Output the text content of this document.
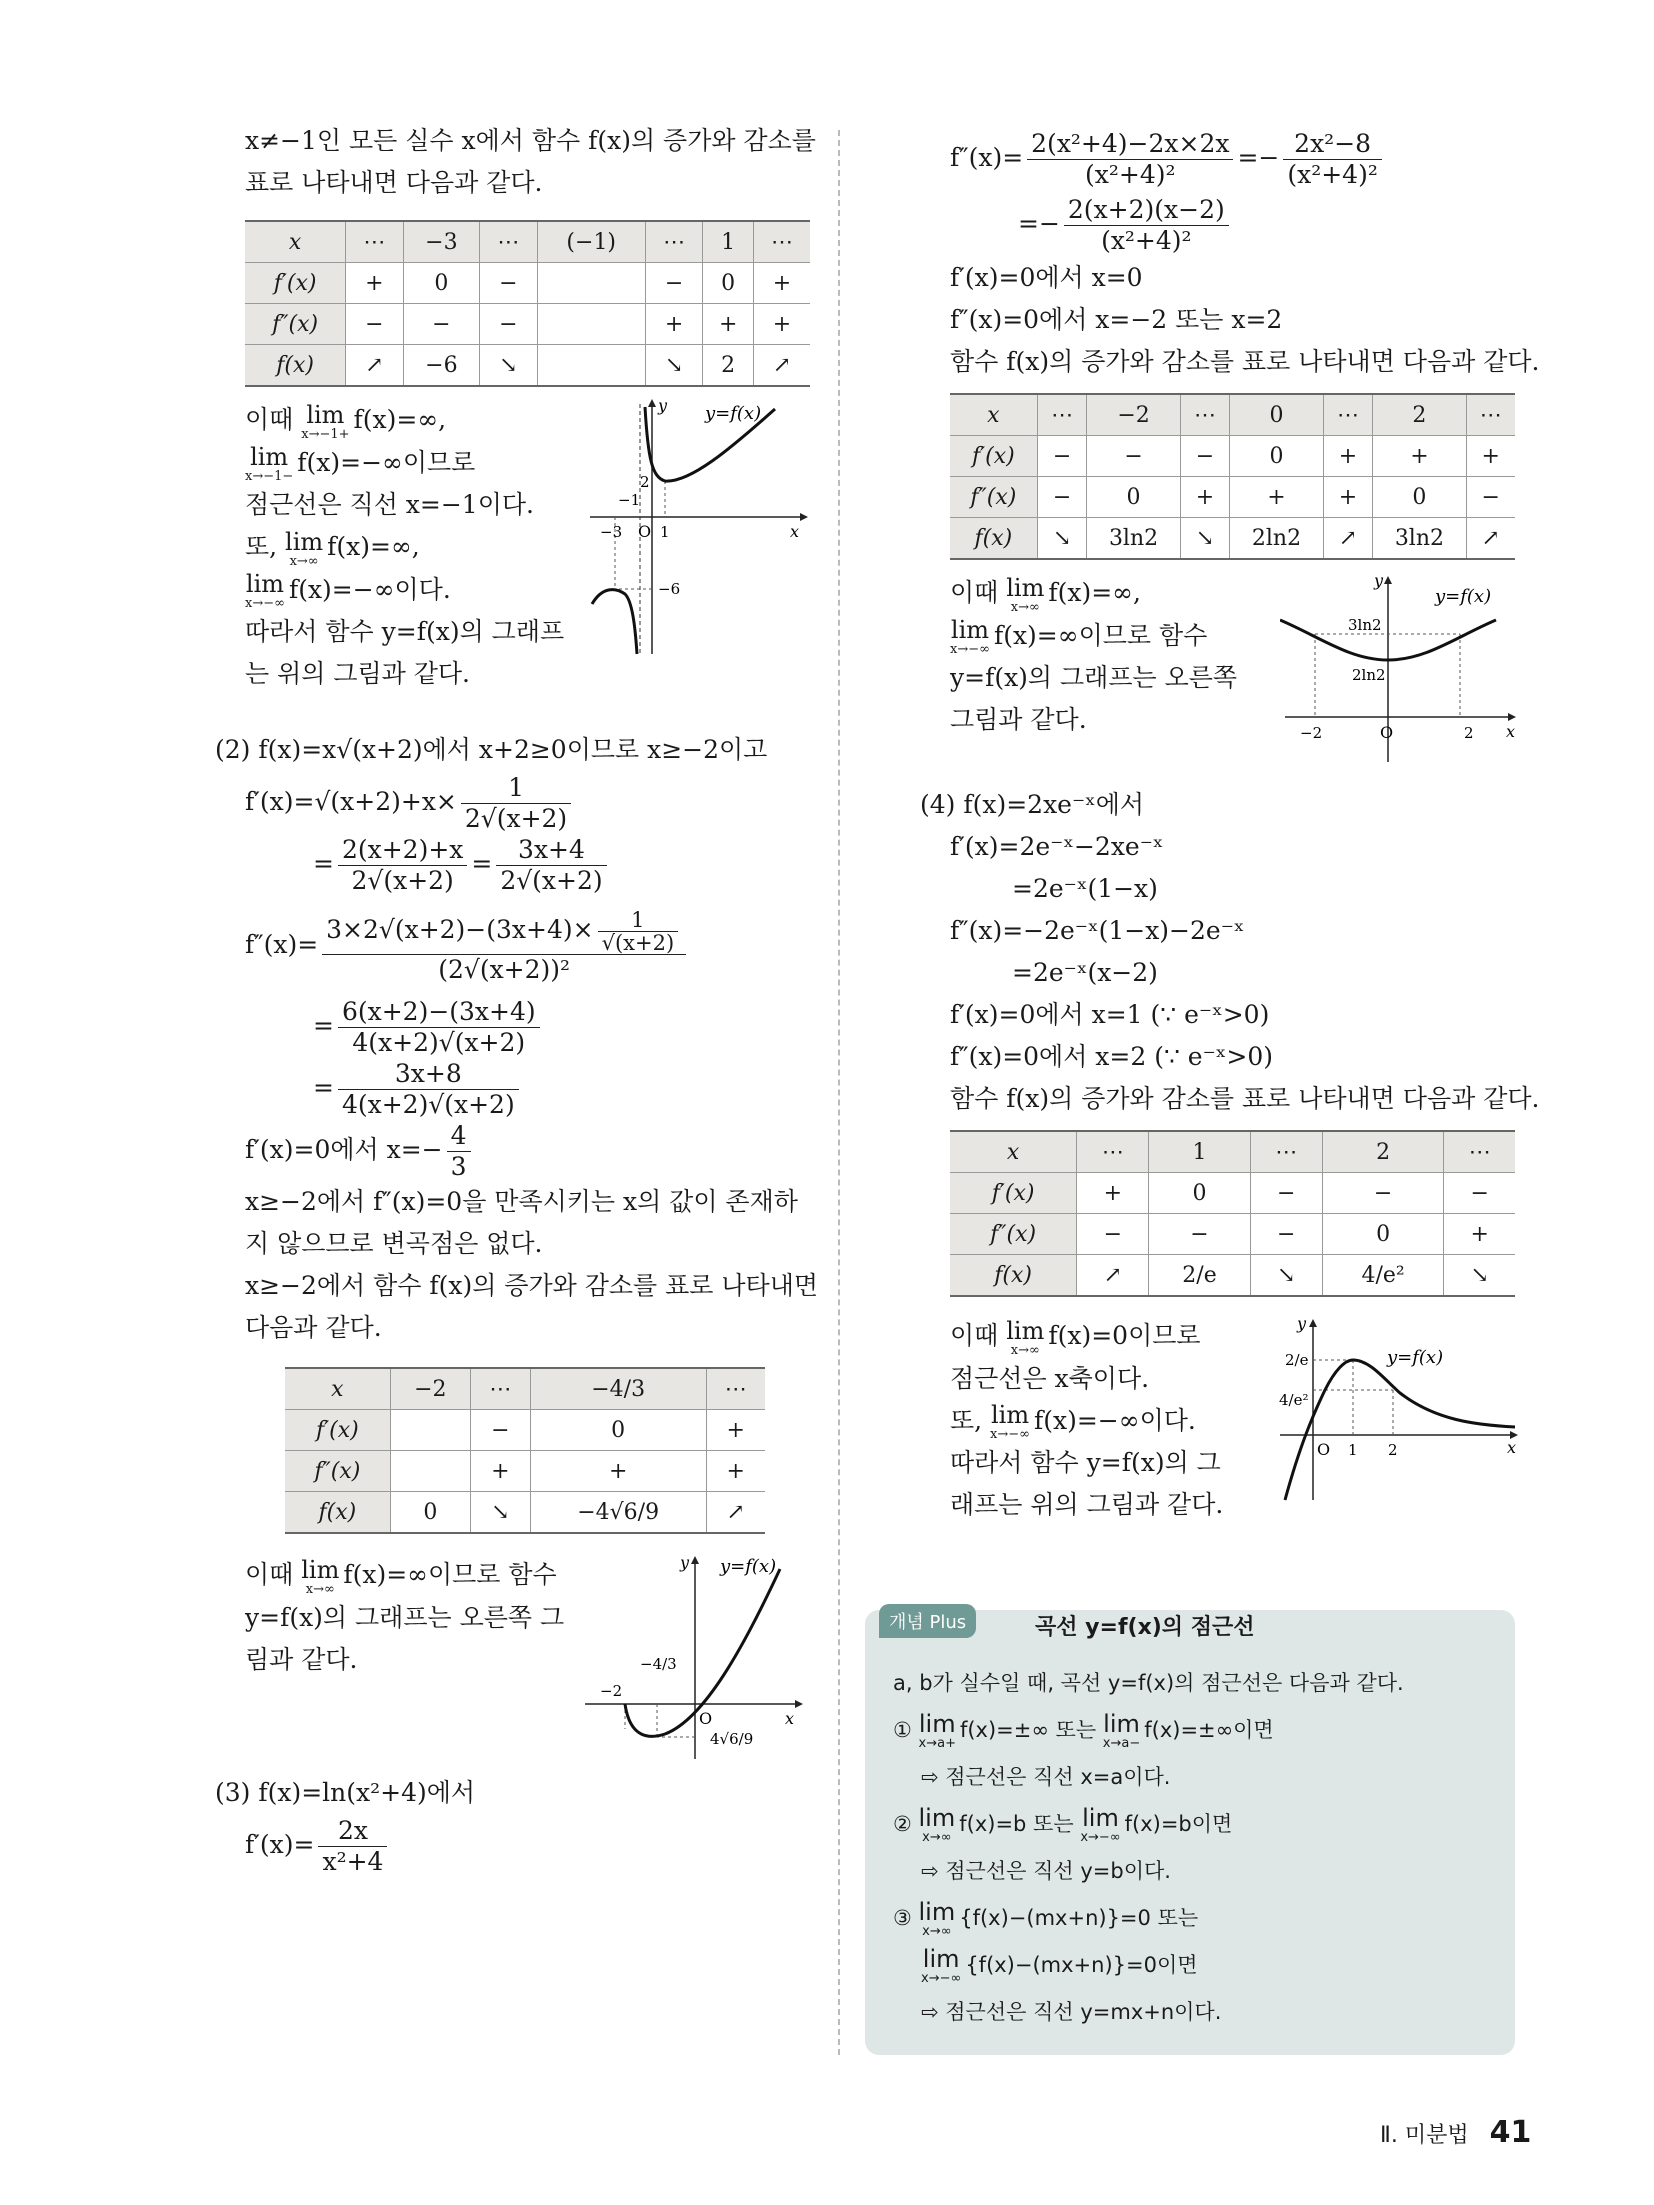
x≠−1인 모든 실수 x에서 함수 f(x)의 증가와 감소를
표로 나타내면 다음과 같다.
x	⋯	−3	⋯	(−1)	⋯	1	⋯
f′(x)	+	0	−		−	0	+
f″(x)	−	−	−		+	+	+
f(x)	↗	−6	↘		↘	2	↗
이때 lim
x→−1+ f(x)=∞,
lim
x→−1− f(x)=−∞이므로
점근선은 직선 x=−1이다.
또, lim
x→∞ f(x)=∞,
lim
x→−∞ f(x)=−∞이다.
따라서 함수 y=f(x)의 그래프
는 위의 그림과 같다.
y=f(x)
y
x
O
2
−1
−3	1
−6
(2) f(x)=x√(x+2)에서 x+2≥0이므로 x≥−2이고
$f'(x)=√(x+2)+x\times \frac{1}{2√(x+2)}$
= $\frac{2(x+2)+x}{2√(x+2)} = \frac{3x+4}{2√(x+2)}$
$f''(x)= \frac{3\times 2√(x+2)-(3x+4)\times \frac{1}{√(x+2)}}{\text{(2√(x+2))²}}$
= $\frac{6(x+2)-(3x+4)}{4(x+2)√(x+2)}$
= $\frac{3x+8}{4(x+2)√(x+2)}$
f′(x)=0에서 $x=- \frac{4}{3}$
x≥−2에서 f″(x)=0을 만족시키는 x의 값이 존재하
지 않으므로 변곡점은 없다.
x≥−2에서 함수 f(x)의 증가와 감소를 표로 나타내면
다음과 같다.
x	−2	⋯	−4/3	⋯
f′(x)		−	0	+
f″(x)		+	+	+
f(x)	0	↘	−4√6/9	↗
이때 lim
x→∞ f(x)=∞이므로 함수
y=f(x)의 그래프는 오른쪽 그
림과 같다.
y=f(x)
y
x
O
−4/3
−2
4√6/9
(3) f(x)=ln(x²+4)에서
$f'(x)= \frac{2x}{\text{x²+4}}$
$f''(x)= \frac{\text{2(x²+4)−2x×2x}}{\text{(x²+4)²}} =- \frac{\text{2x²−8}}{\text{(x²+4)²}}$
=− $\frac{2(x+2)(x-2)}{\text{(x²+4)²}}$
f′(x)=0에서 x=0
f″(x)=0에서 x=−2 또는 x=2
함수 f(x)의 증가와 감소를 표로 나타내면 다음과 같다.
x	⋯	−2	⋯	0	⋯	2	⋯
f′(x)	−	−	−	0	+	+	+
f″(x)	−	0	+	+	+	0	−
f(x)	↘	3ln2	↘	2ln2	↗	3ln2	↗
이때 lim
x→∞ f(x)=∞,
lim
x→−∞ f(x)=∞이므로 함수
y=f(x)의 그래프는 오른쪽
그림과 같다.
y=f(x)
y
x
O
3ln2
2ln2
−2	2
(4) f(x)=2xe⁻ˣ에서
f′(x)=2e⁻ˣ−2xe⁻ˣ
=2e⁻ˣ(1−x)
f″(x)=−2e⁻ˣ(1−x)−2e⁻ˣ
=2e⁻ˣ(x−2)
f′(x)=0에서 x=1 (∵ e⁻ˣ>0)
f″(x)=0에서 x=2 (∵ e⁻ˣ>0)
함수 f(x)의 증가와 감소를 표로 나타내면 다음과 같다.
x	⋯	1	⋯	2	⋯
f′(x)	+	0	−	−	−
f″(x)	−	−	−	0	+
f(x)	↗	2/e	↘	4/e²	↘
이때 lim
x→∞ f(x)=0이므로
점근선은 x축이다.
또, lim
x→−∞ f(x)=−∞이다.
따라서 함수 y=f(x)의 그
래프는 위의 그림과 같다.
y=f(x)
y
x
O
2/e
4/e²
1 2
개념 Plus	곡선 y=f(x)의 점근선
a, b가 실수일 때, 곡선 y=f(x)의 점근선은 다음과 같다.
① lim
x→a+
f(x)=±∞ 또는 lim
x→a−
f(x)=±∞이면
⇨ 점근선은 직선 x=a이다.
② lim
x→∞
f(x)=b 또는 lim
x→−∞
f(x)=b이면
⇨ 점근선은 직선 y=b이다.
③ lim
x→∞
{f(x)−(mx+n)}=0 또는
lim
x→−∞
{f(x)−(mx+n)}=0이면
⇨ 점근선은 직선 y=mx+n이다.
Ⅱ. 미분법 41
